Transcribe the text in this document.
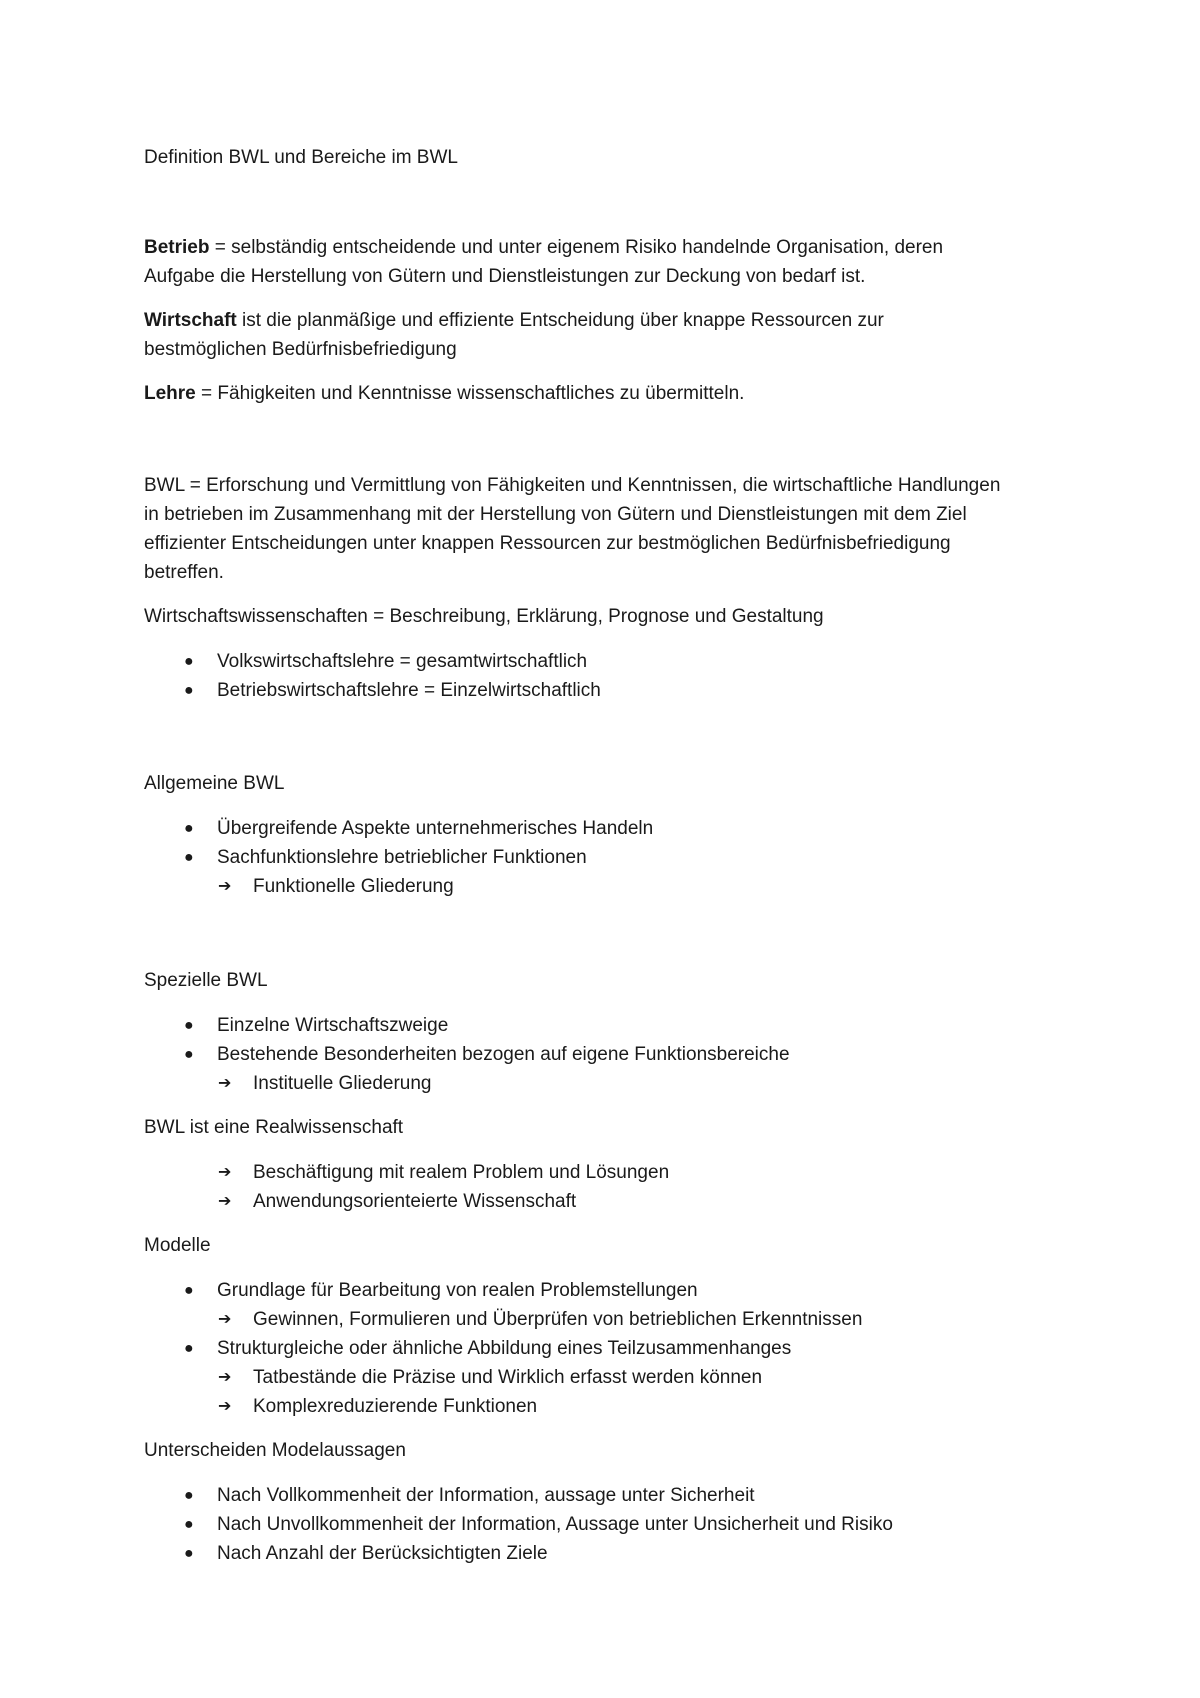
Definition BWL und Bereiche im BWL
Betrieb = selbständig entscheidende und unter eigenem Risiko handelnde Organisation, deren
Aufgabe die Herstellung von Gütern und Dienstleistungen zur Deckung von bedarf ist.
Wirtschaft ist die planmäßige und effiziente Entscheidung über knappe Ressourcen zur
bestmöglichen Bedürfnisbefriedigung
Lehre = Fähigkeiten und Kenntnisse wissenschaftliches zu übermitteln.
BWL = Erforschung und Vermittlung von Fähigkeiten und Kenntnissen, die wirtschaftliche Handlungen
in betrieben im Zusammenhang mit der Herstellung von Gütern und Dienstleistungen mit dem Ziel
effizienter Entscheidungen unter knappen Ressourcen zur bestmöglichen Bedürfnisbefriedigung
betreffen.
Wirtschaftswissenschaften = Beschreibung, Erklärung, Prognose und Gestaltung
● Volkswirtschaftslehre = gesamtwirtschaftlich
● Betriebswirtschaftslehre = Einzelwirtschaftlich
Allgemeine BWL
● Übergreifende Aspekte unternehmerisches Handeln
● Sachfunktionslehre betrieblicher Funktionen
➔ Funktionelle Gliederung
Spezielle BWL
● Einzelne Wirtschaftszweige
● Bestehende Besonderheiten bezogen auf eigene Funktionsbereiche
➔ Instituelle Gliederung
BWL ist eine Realwissenschaft
➔ Beschäftigung mit realem Problem und Lösungen
➔ Anwendungsorienteierte Wissenschaft
Modelle
● Grundlage für Bearbeitung von realen Problemstellungen
➔ Gewinnen, Formulieren und Überprüfen von betrieblichen Erkenntnissen
● Strukturgleiche oder ähnliche Abbildung eines Teilzusammenhanges
➔ Tatbestände die Präzise und Wirklich erfasst werden können
➔ Komplexreduzierende Funktionen
Unterscheiden Modelaussagen
● Nach Vollkommenheit der Information, aussage unter Sicherheit
● Nach Unvollkommenheit der Information, Aussage unter Unsicherheit und Risiko
● Nach Anzahl der Berücksichtigten Ziele
